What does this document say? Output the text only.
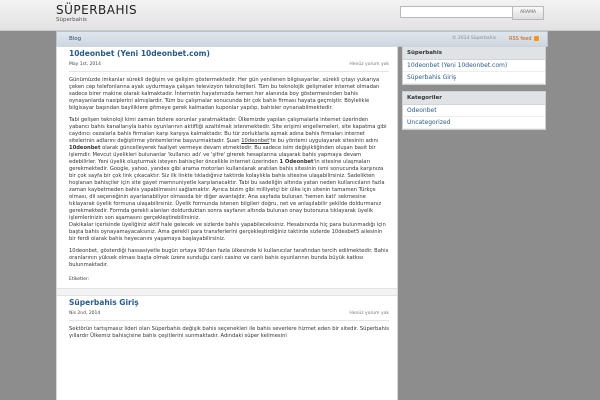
SÜPERBAHIS
Süperbahis
ARAMA
Blog	© 2014 Süperbahis	RSS feed
10deonbet (Yeni 10deonbet.com)
May 1st, 2014	Henüz yorum yok

Günümüzde imkanlar sürekli değişim ve gelişim göstermektedir. Her gün yenilenen bilgisayarlar, sürekli çıtayı yukarıya çeken cep telefonlarına ayak uydurmaya çalışan televizyon teknolojileri. Tüm bu teknolojik gelişmeler internet olmadan sadece birer makine olarak kalmaktadır. İnternetin hayatımızda hemen her alanında boy göstermesinden bahis oynayanlarda nasiplerini almışlardır. Tüm bu çalışmalar sonucunda bir çok bahis firması hayata geçmiştir. Böylelikle bilgisayar başından bayiliklere gitmeye gerek kalmadan kuponlar yapılıp, bahisler oynanabilmektedir.

Tabi gelişen teknoloji kimi zaman bizlere sorunlar yaratmaktadır. Ülkemizde yapılan çalışmalarla internet üzerinden yabancı bahis kanallarıyla bahis oyunlarının aktifliği azaltılmak istenmektedir. Site erişimi engellemeleri, site kapatma gibi caydırıcı cezalarla bahis firmaları karşı karşıya kalmaktadır. Bu tür zorluklarla aşmak adına bahis firmaları internet sitelerinin adlarını değiştirme yöntemlerine başvurmaktadır. Şuan 10deonbet'te bu yöntemi uygulayarak sitesinin adını 10deonbet olarak güncelleyerek faaliyet vermeye devam etmektedir. Bu sadece isim değişikliğinden oluşan basit bir işlemdir. Mevcut üyelikleri bulunanlar 'kullanıcı adı' ve 'şifre' girerek hesaplarına ulaşarak bahis yapmaya devam edebilirler. Yeni üyelik oluşturmak isteyen bahisçiler öncelikle internet üzerinden 1 Odeonbet'in sitesine ulaşmaları gerekmektedir. Google, yahoo, yandex gibi arama motorları kullanılarak aratılan bahis sitesinin ismi sonucunda karşınıza bir çok sayfa bir çok link çıkacaktır. Siz ilk linkte tıkladığınız taktirde kolaylıkla bahis sitesine ulaşabilirsiniz. Sadelikten hoşlanan bahisçiler için site gayet memnuniyetle karşılanacaktır. Tabi bu sadeliğin altında yatan neden kullanıcıların fazla zaman kaybetmeden bahis yapabilmesini sağlamaktır. Ayrıca bizim gibi milliyetçi bir ülke için sitenin tamamen Türkçe olması, dil seçeneğinin ayarlanabiliyor olmasıda bir diğer avantajdır. Ana sayfada bulunan 'hemen kati' sekmesine tıklayarak üyelik formuna ulaşabilirsiniz. Üyelik formunda istenen bilgileri doğru, net ve anlaşılabilir şekilde doldurmanız gerekmektedir. Formda gerekli alanları doldurduktan sonra sayfanın altında bulunan onay butonuna tıklayarak üyelik işlemlerinizin son aşamasını gerçekleştirebilirsiniz.
Dakikalar içerisinde üyeliğiniz aktif hale gelecek ve sizlerde bahis yapabileceksiniz. Hesabınızda hiç para bulunmadığı için başta bahis oynayamayacaksınız. Ama gerekli para transferlerini gerçekleştirdiğiniz taktirde sizlerde 10desbet5 ailesinin bir ferdi olarak bahis heyecanını yaşamaya başlayabilirsiniz.

10deonbet, gösterdiği hassasiyetle bugün ortaya 90'dan fazla ülkesinde ki kullanıcılar tarafından tercih edilmektedir. Bahis oranlarının yüksek olması başta olmak üzere sunduğu canlı casino ve canlı bahis oyunlarının bunda büyük katkısı bulunmaktadır.

Etiketler:
Süperbahis Giriş
Nis 2nd, 2014	Henüz yorum yok

Sektörün tartışmasız lideri olan Süperbahis değişik bahis seçenekleri ile bahis severlere hizmet eden bir sitedir. Süperbahis yıllardır Ülkemiz bahisçisine bahis çeşitlerini sunmaktadır. Adındaki süper kelimesini

Süperbahis
10deonbet (Yeni 10deonbet.com)
Süperbahis Giriş
Kategoriler
Odeonbet
Uncategorized
